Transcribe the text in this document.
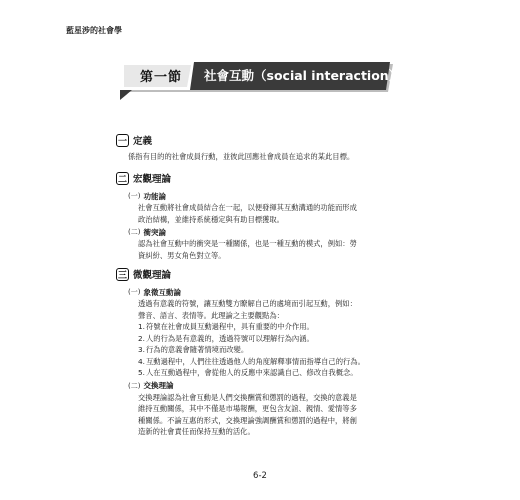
藍星涉的社會學
第一節	社會互動（social interaction）
一 定義
係指有目的的社會成員行動，並彼此回應社會成員在追求的某此目標。
二 宏觀理論
(一) 功能論
社會互動將社會成員結合在一起，以便發揮其互動溝通的功能而形成
政治結構，並維持系統穩定與有助目標獲取。
(二) 衝突論
認為社會互動中的衝突是一種關係，也是一種互動的模式，例如：勞
資糾紛、男女角色對立等。
三 微觀理論
(一) 象徵互動論
透過有意義的符號，讓互動雙方瞭解自己的處境而引起互動，例如：
聲音、語言、表情等。此理論之主要觀點為：
1. 符號在社會成員互動過程中，具有重要的中介作用。
2. 人的行為是有意義的，透過符號可以理解行為內涵。
3. 行為的意義會隨著情境而改變。
4. 互動過程中，人們往往透過他人的角度解釋事情而指導自己的行為。
5. 人在互動過程中，會從他人的反應中來認識自己、修改自我概念。
(二) 交換理論
交換理論認為社會互動是人們交換酬賞和懲罰的過程，交換的意義是
維持互動關係，其中不僅是市場報酬，更包含友誼、親情、愛情等多
種關係。不論互惠的形式，交換理論強調酬賞和懲罰的過程中，將創
造新的社會責任而保持互動的活化。
6-2
